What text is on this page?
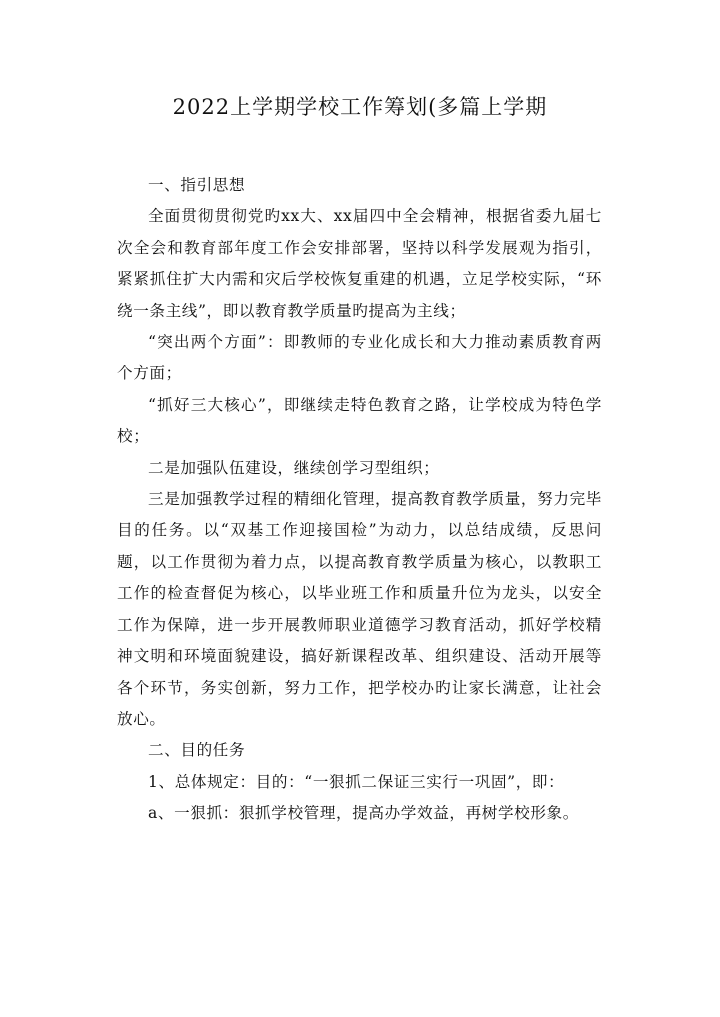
2022上学期学校工作筹划(多篇上学期

一、指引思想

全面贯彻贯彻党旳xx大、xx届四中全会精神，根据省委九届七次全会和教育部年度工作会安排部署，坚持以科学发展观为指引，紧紧抓住扩大内需和灾后学校恢复重建的机遇，立足学校实际，“环绕一条主线”，即以教育教学质量旳提高为主线；

“突出两个方面”：即教师的专业化成长和大力推动素质教育两个方面；

“抓好三大核心”，即继续走特色教育之路，让学校成为特色学校；

二是加强队伍建设，继续创学习型组织；

三是加强教学过程的精细化管理，提高教育教学质量，努力完毕目的任务。以“双基工作迎接国检”为动力，以总结成绩，反思问题，以工作贯彻为着力点，以提高教育教学质量为核心，以教职工工作的检查督促为核心，以毕业班工作和质量升位为龙头，以安全工作为保障，进一步开展教师职业道德学习教育活动，抓好学校精神文明和环境面貌建设，搞好新课程改革、组织建设、活动开展等各个环节，务实创新，努力工作，把学校办旳让家长满意，让社会放心。

二、目的任务

1、总体规定：目的：“一狠抓二保证三实行一巩固”，即：

a、一狠抓：狠抓学校管理，提高办学效益，再树学校形象。
